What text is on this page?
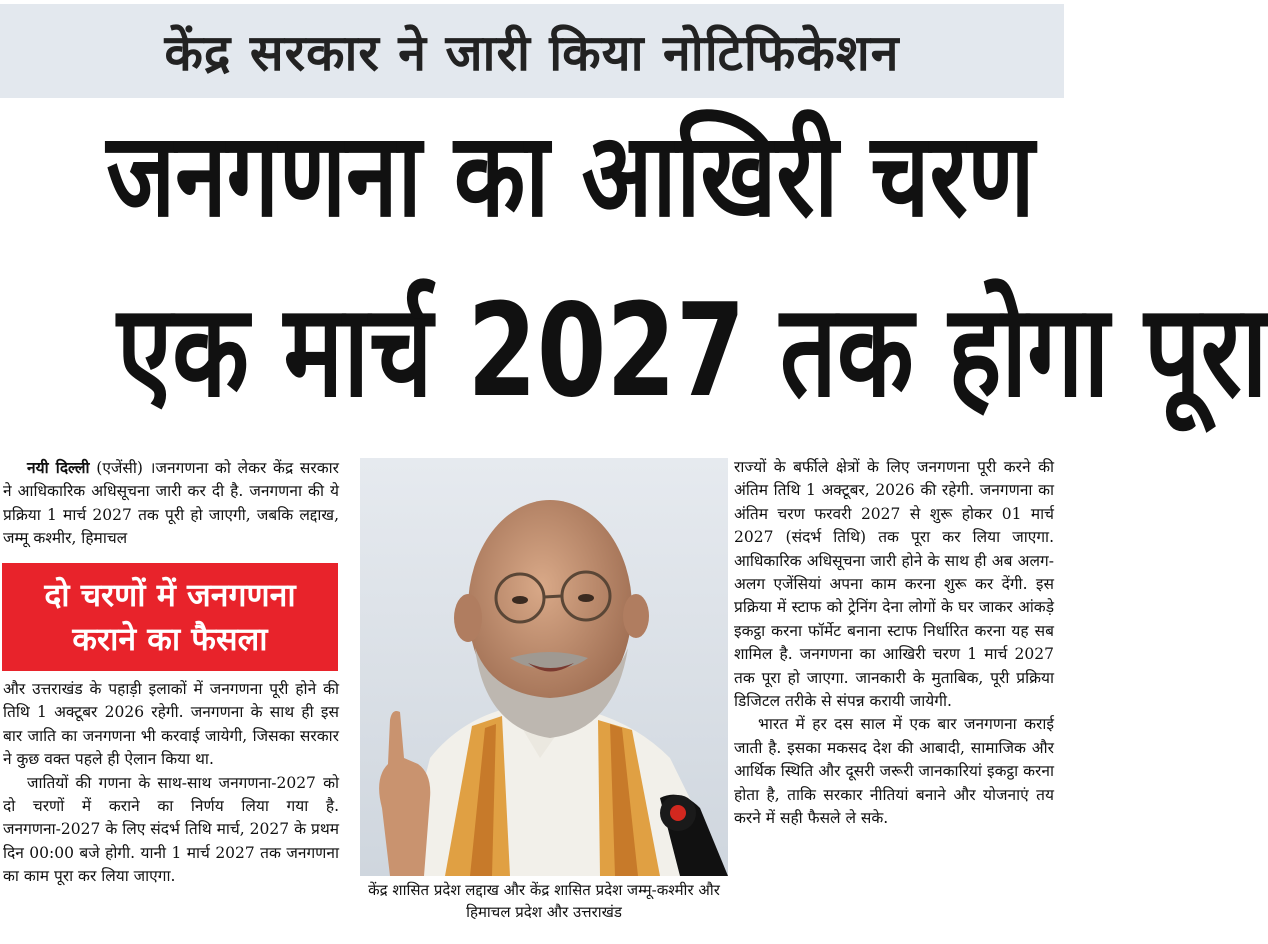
केंद्र सरकार ने जारी किया नोटिफिकेशन
जनगणना का आखिरी चरण
एक मार्च 2027 तक होगा पूरा

नयी दिल्ली (एजेंसी) ।जनगणना को लेकर केंद्र सरकार ने आधिकारिक अधिसूचना जारी कर दी है. जनगणना की ये प्रक्रिया 1 मार्च 2027 तक पूरी हो जाएगी, जबकि लद्दाख, जम्मू कश्मीर, हिमाचल

दो चरणों में जनगणना
कराने का फैसला

और उत्तराखंड के पहाड़ी इलाकों में जनगणना पूरी होने की तिथि 1 अक्टूबर 2026 रहेगी. जनगणना के साथ ही इस बार जाति का जनगणना भी करवाई जायेगी, जिसका सरकार ने कुछ वक्त पहले ही ऐलान किया था.

जातियों की गणना के साथ-साथ जनगणना-2027 को दो चरणों में कराने का निर्णय लिया गया है. जनगणना-2027 के लिए संदर्भ तिथि मार्च, 2027 के प्रथम दिन 00:00 बजे होगी. यानी 1 मार्च 2027 तक जनगणना का काम पूरा कर लिया जाएगा.

केंद्र शासित प्रदेश लद्दाख और केंद्र शासित प्रदेश जम्मू-कश्मीर और हिमाचल प्रदेश और उत्तराखंड

राज्यों के बर्फीले क्षेत्रों के लिए जनगणना पूरी करने की अंतिम तिथि 1 अक्टूबर, 2026 की रहेगी. जनगणना का अंतिम चरण फरवरी 2027 से शुरू होकर 01 मार्च 2027 (संदर्भ तिथि) तक पूरा कर लिया जाएगा. आधिकारिक अधिसूचना जारी होने के साथ ही अब अलग-अलग एजेंसियां अपना काम करना शुरू कर देंगी. इस प्रक्रिया में स्टाफ को ट्रेनिंग देना लोगों के घर जाकर आंकड़े इकट्ठा करना फॉर्मेट बनाना स्टाफ निर्धारित करना यह सब शामिल है. जनगणना का आखिरी चरण 1 मार्च 2027 तक पूरा हो जाएगा. जानकारी के मुताबिक, पूरी प्रक्रिया डिजिटल तरीके से संपन्न करायी जायेगी.

भारत में हर दस साल में एक बार जनगणना कराई जाती है. इसका मकसद देश की आबादी, सामाजिक और आर्थिक स्थिति और दूसरी जरूरी जानकारियां इकट्ठा करना होता है, ताकि सरकार नीतियां बनाने और योजनाएं तय करने में सही फैसले ले सके.
